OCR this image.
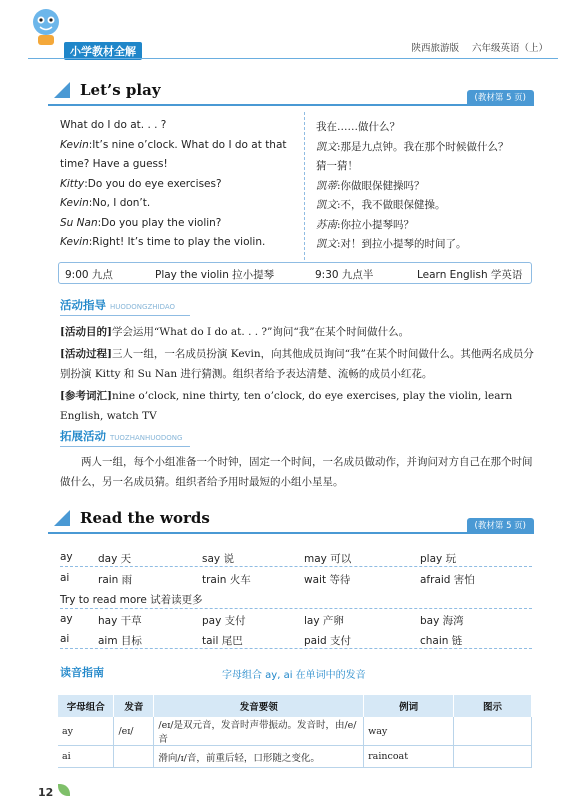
小学教材全解	陕西旅游版 六年级英语（上）
Let’s play	(教材第 5 页)
What do I do at. . . ?	我在……做什么？
Kevin:It’s nine o’clock. What do I do at that	凯文:那是九点钟。我在那个时候做什么？
time? Have a guess!	猜一猜！
Kitty:Do you do eye exercises?	凯蒂:你做眼保健操吗？
Kevin:No, I don’t.	凯文:不，我不做眼保健操。
Su Nan:Do you play the violin?	苏南:你拉小提琴吗？
Kevin:Right! It’s time to play the violin.	凯文:对！到拉小提琴的时间了。
9:00 九点	Play the violin 拉小提琴	9:30 九点半	Learn English 学英语
活动指导 HUODONGZHIDAO
[活动目的]学会运用“What do I do at. . . ?”询问“我”在某个时间做什么。
[活动过程]三人一组，一名成员扮演 Kevin，向其他成员询问“我”在某个时间做什么。其他两名成员分别扮演 Kitty 和 Su Nan 进行猜测。组织者给予表达清楚、流畅的成员小红花。
[参考词汇]nine o’clock, nine thirty, ten o’clock, do eye exercises, play the violin, learn English, watch TV
拓展活动 TUOZHANHUODONG
两人一组，每个小组准备一个时钟，固定一个时间，一名成员做动作，并询问对方自己在那个时间做什么，另一名成员猜。组织者给予用时最短的小组小星星。
Read the words	(教材第 5 页)
ay day 天	say 说	may 可以	play 玩
ai	rain 雨	train 火车	wait 等待	afraid 害怕
Try to read more 试着读更多
ay hay 干草	pay 支付	lay 产卵	bay 海湾
ai	aim 目标	tail 尾巴	paid 支付	chain 链
读音指南	字母组合 ay, ai 在单词中的发音
字母组合	发音	发音要领	例词	图示
ay	/eɪ/	/eɪ/是双元音，发音时声带振动。发音时，由/e/音	way	
ai		滑向/ɪ/音，前重后轻，口形随之变化。	raincoat	
12
